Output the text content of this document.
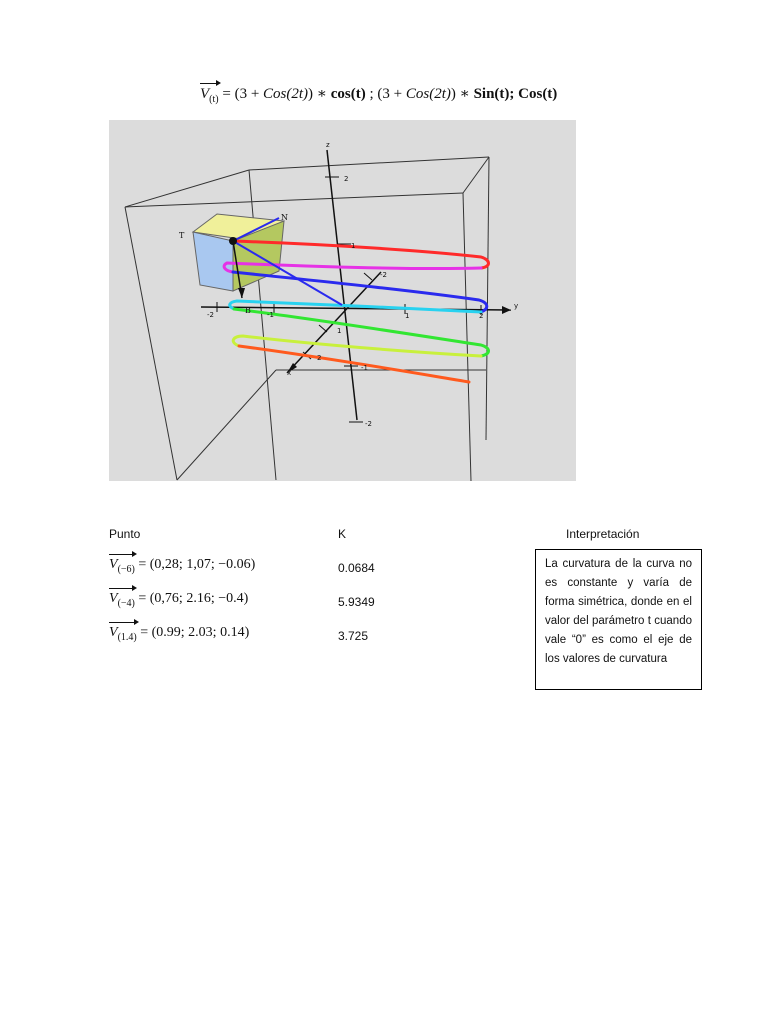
$V_{(t)} = (3 + Cos(2t))$ ∗ cos(t) ; (3 + Cos(2t)) ∗ Sin(t); Cos(t)
z
y
x
2
1
-1
-2
-2	-1	1	2
-2
1
2
T
N
B
Punto	K	Interpretación
$V_{(-6)} = (0,28$; 1,07; −0.06)	0.0684
$V_{(-4)} = (0,76$; 2.16; −0.4)	5.9349
$V_{(1.4)} = (0.99$; 2.03; 0.14)	3.725
La curvatura de la curva no es constante y varía de forma simétrica, donde en el valor del parámetro t cuando vale “0” es como el eje de los valores de curvatura
